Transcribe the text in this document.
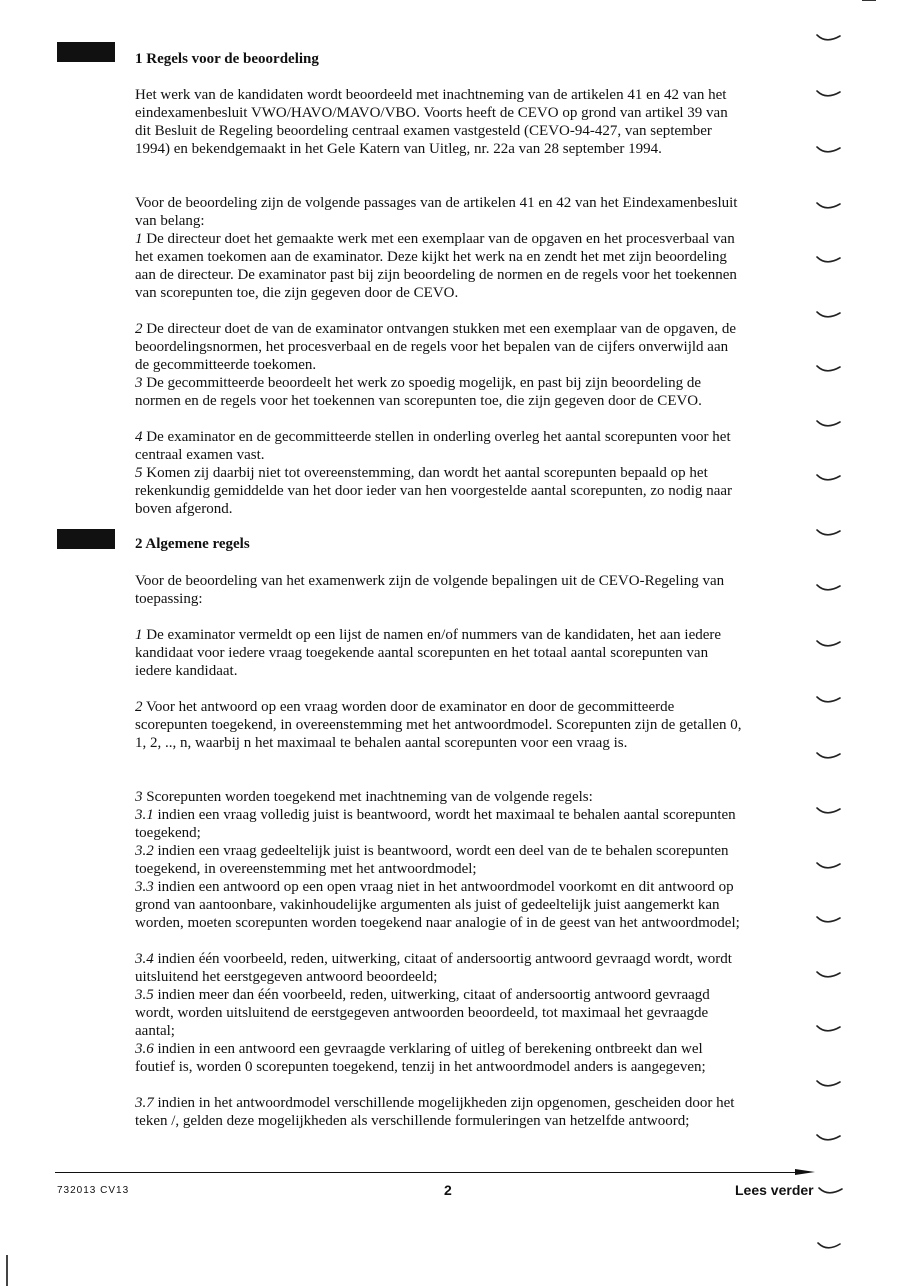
1 Regels voor de beoordeling
Het werk van de kandidaten wordt beoordeeld met inachtneming van de artikelen 41 en 42 van het eindexamenbesluit VWO/HAVO/MAVO/VBO. Voorts heeft de CEVO op grond van artikel 39 van dit Besluit de Regeling beoordeling centraal examen vastgesteld (CEVO-94-427, van september 1994) en bekendgemaakt in het Gele Katern van Uitleg, nr. 22a van 28 september 1994.
Voor de beoordeling zijn de volgende passages van de artikelen 41 en 42 van het Eindexamenbesluit van belang:

1 De directeur doet het gemaakte werk met een exemplaar van de opgaven en het procesverbaal van het examen toekomen aan de examinator. Deze kijkt het werk na en zendt het met zijn beoordeling aan de directeur. De examinator past bij zijn beoordeling de normen en de regels voor het toekennen van scorepunten toe, die zijn gegeven door de CEVO.

2 De directeur doet de van de examinator ontvangen stukken met een exemplaar van de opgaven, de beoordelingsnormen, het procesverbaal en de regels voor het bepalen van de cijfers onverwijld aan de gecommitteerde toekomen.

3 De gecommitteerde beoordeelt het werk zo spoedig mogelijk, en past bij zijn beoordeling de normen en de regels voor het toekennen van scorepunten toe, die zijn gegeven door de CEVO.

4 De examinator en de gecommitteerde stellen in onderling overleg het aantal scorepunten voor het centraal examen vast.

5 Komen zij daarbij niet tot overeenstemming, dan wordt het aantal scorepunten bepaald op het rekenkundig gemiddelde van het door ieder van hen voorgestelde aantal scorepunten, zo nodig naar boven afgerond.

2 Algemene regels
Voor de beoordeling van het examenwerk zijn de volgende bepalingen uit de CEVO-Regeling van toepassing:

1 De examinator vermeldt op een lijst de namen en/of nummers van de kandidaten, het aan iedere kandidaat voor iedere vraag toegekende aantal scorepunten en het totaal aantal scorepunten van iedere kandidaat.

2 Voor het antwoord op een vraag worden door de examinator en door de gecommitteerde scorepunten toegekend, in overeenstemming met het antwoordmodel. Scorepunten zijn de getallen 0, 1, 2, .., n, waarbij n het maximaal te behalen aantal scorepunten voor een vraag is.

3 Scorepunten worden toegekend met inachtneming van de volgende regels:

3.1 indien een vraag volledig juist is beantwoord, wordt het maximaal te behalen aantal scorepunten toegekend;

3.2 indien een vraag gedeeltelijk juist is beantwoord, wordt een deel van de te behalen scorepunten toegekend, in overeenstemming met het antwoordmodel;

3.3 indien een antwoord op een open vraag niet in het antwoordmodel voorkomt en dit antwoord op grond van aantoonbare, vakinhoudelijke argumenten als juist of gedeeltelijk juist aangemerkt kan worden, moeten scorepunten worden toegekend naar analogie of in de geest van het antwoordmodel;

3.4 indien één voorbeeld, reden, uitwerking, citaat of andersoortig antwoord gevraagd wordt, wordt uitsluitend het eerstgegeven antwoord beoordeeld;

3.5 indien meer dan één voorbeeld, reden, uitwerking, citaat of andersoortig antwoord gevraagd wordt, worden uitsluitend de eerstgegeven antwoorden beoordeeld, tot maximaal het gevraagde aantal;

3.6 indien in een antwoord een gevraagde verklaring of uitleg of berekening ontbreekt dan wel foutief is, worden 0 scorepunten toegekend, tenzij in het antwoordmodel anders is aangegeven;

3.7 indien in het antwoordmodel verschillende mogelijkheden zijn opgenomen, gescheiden door het teken /, gelden deze mogelijkheden als verschillende formuleringen van hetzelfde antwoord;

732013 CV13	2	Lees verder
